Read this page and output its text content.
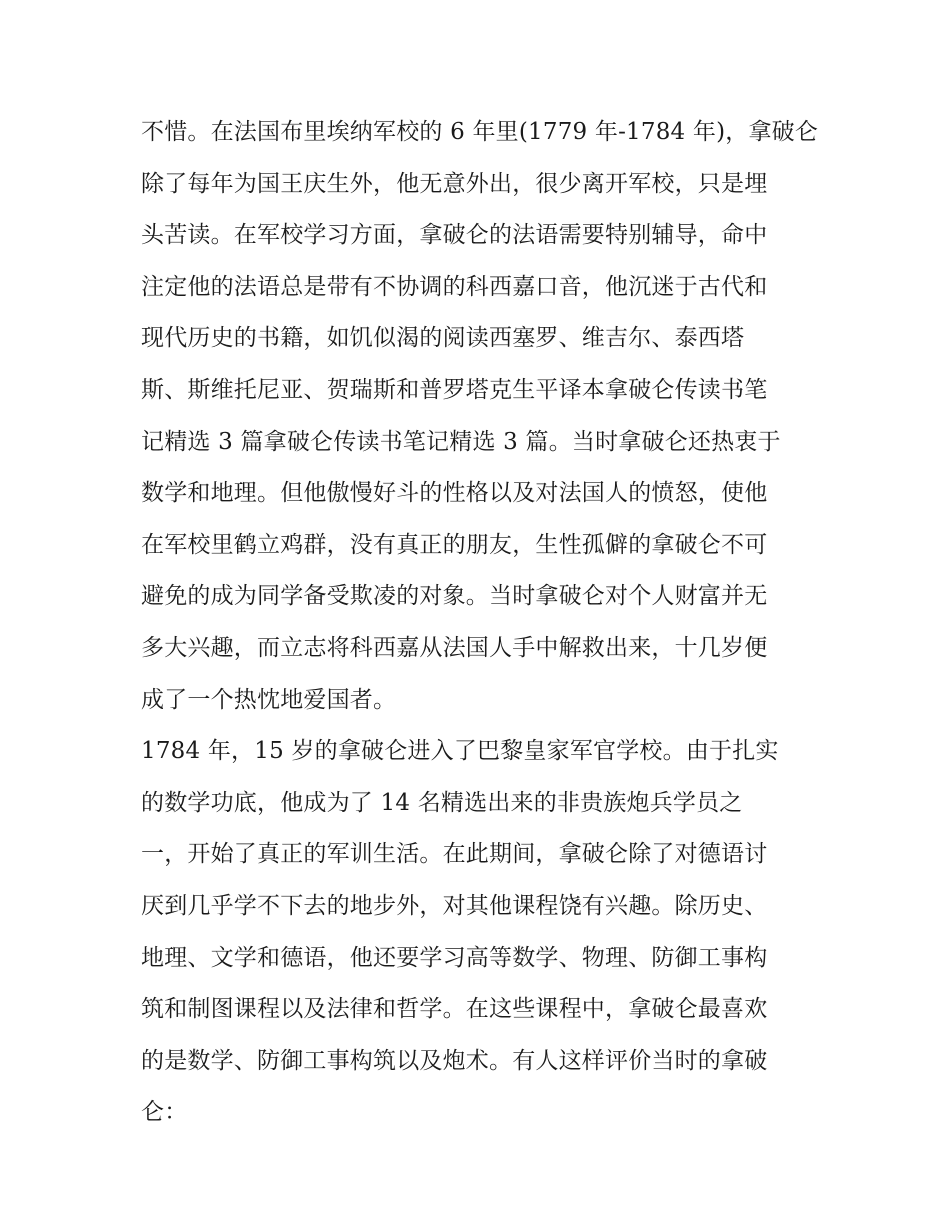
不惜。在法国布里埃纳军校的 6 年里(1779 年-1784 年)，拿破仑
除了每年为国王庆生外，他无意外出，很少离开军校，只是埋
头苦读。在军校学习方面，拿破仑的法语需要特别辅导，命中
注定他的法语总是带有不协调的科西嘉口音，他沉迷于古代和
现代历史的书籍，如饥似渴的阅读西塞罗、维吉尔、泰西塔
斯、斯维托尼亚、贺瑞斯和普罗塔克生平译本拿破仑传读书笔
记精选 3 篇拿破仑传读书笔记精选 3 篇。当时拿破仑还热衷于
数学和地理。但他傲慢好斗的性格以及对法国人的愤怒，使他
在军校里鹤立鸡群，没有真正的朋友，生性孤僻的拿破仑不可
避免的成为同学备受欺凌的对象。当时拿破仑对个人财富并无
多大兴趣，而立志将科西嘉从法国人手中解救出来，十几岁便
成了一个热忱地爱国者。
1784 年，15 岁的拿破仑进入了巴黎皇家军官学校。由于扎实
的数学功底，他成为了 14 名精选出来的非贵族炮兵学员之
一，开始了真正的军训生活。在此期间，拿破仑除了对德语讨
厌到几乎学不下去的地步外，对其他课程饶有兴趣。除历史、
地理、文学和德语，他还要学习高等数学、物理、防御工事构
筑和制图课程以及法律和哲学。在这些课程中，拿破仑最喜欢
的是数学、防御工事构筑以及炮术。有人这样评价当时的拿破
仑：
